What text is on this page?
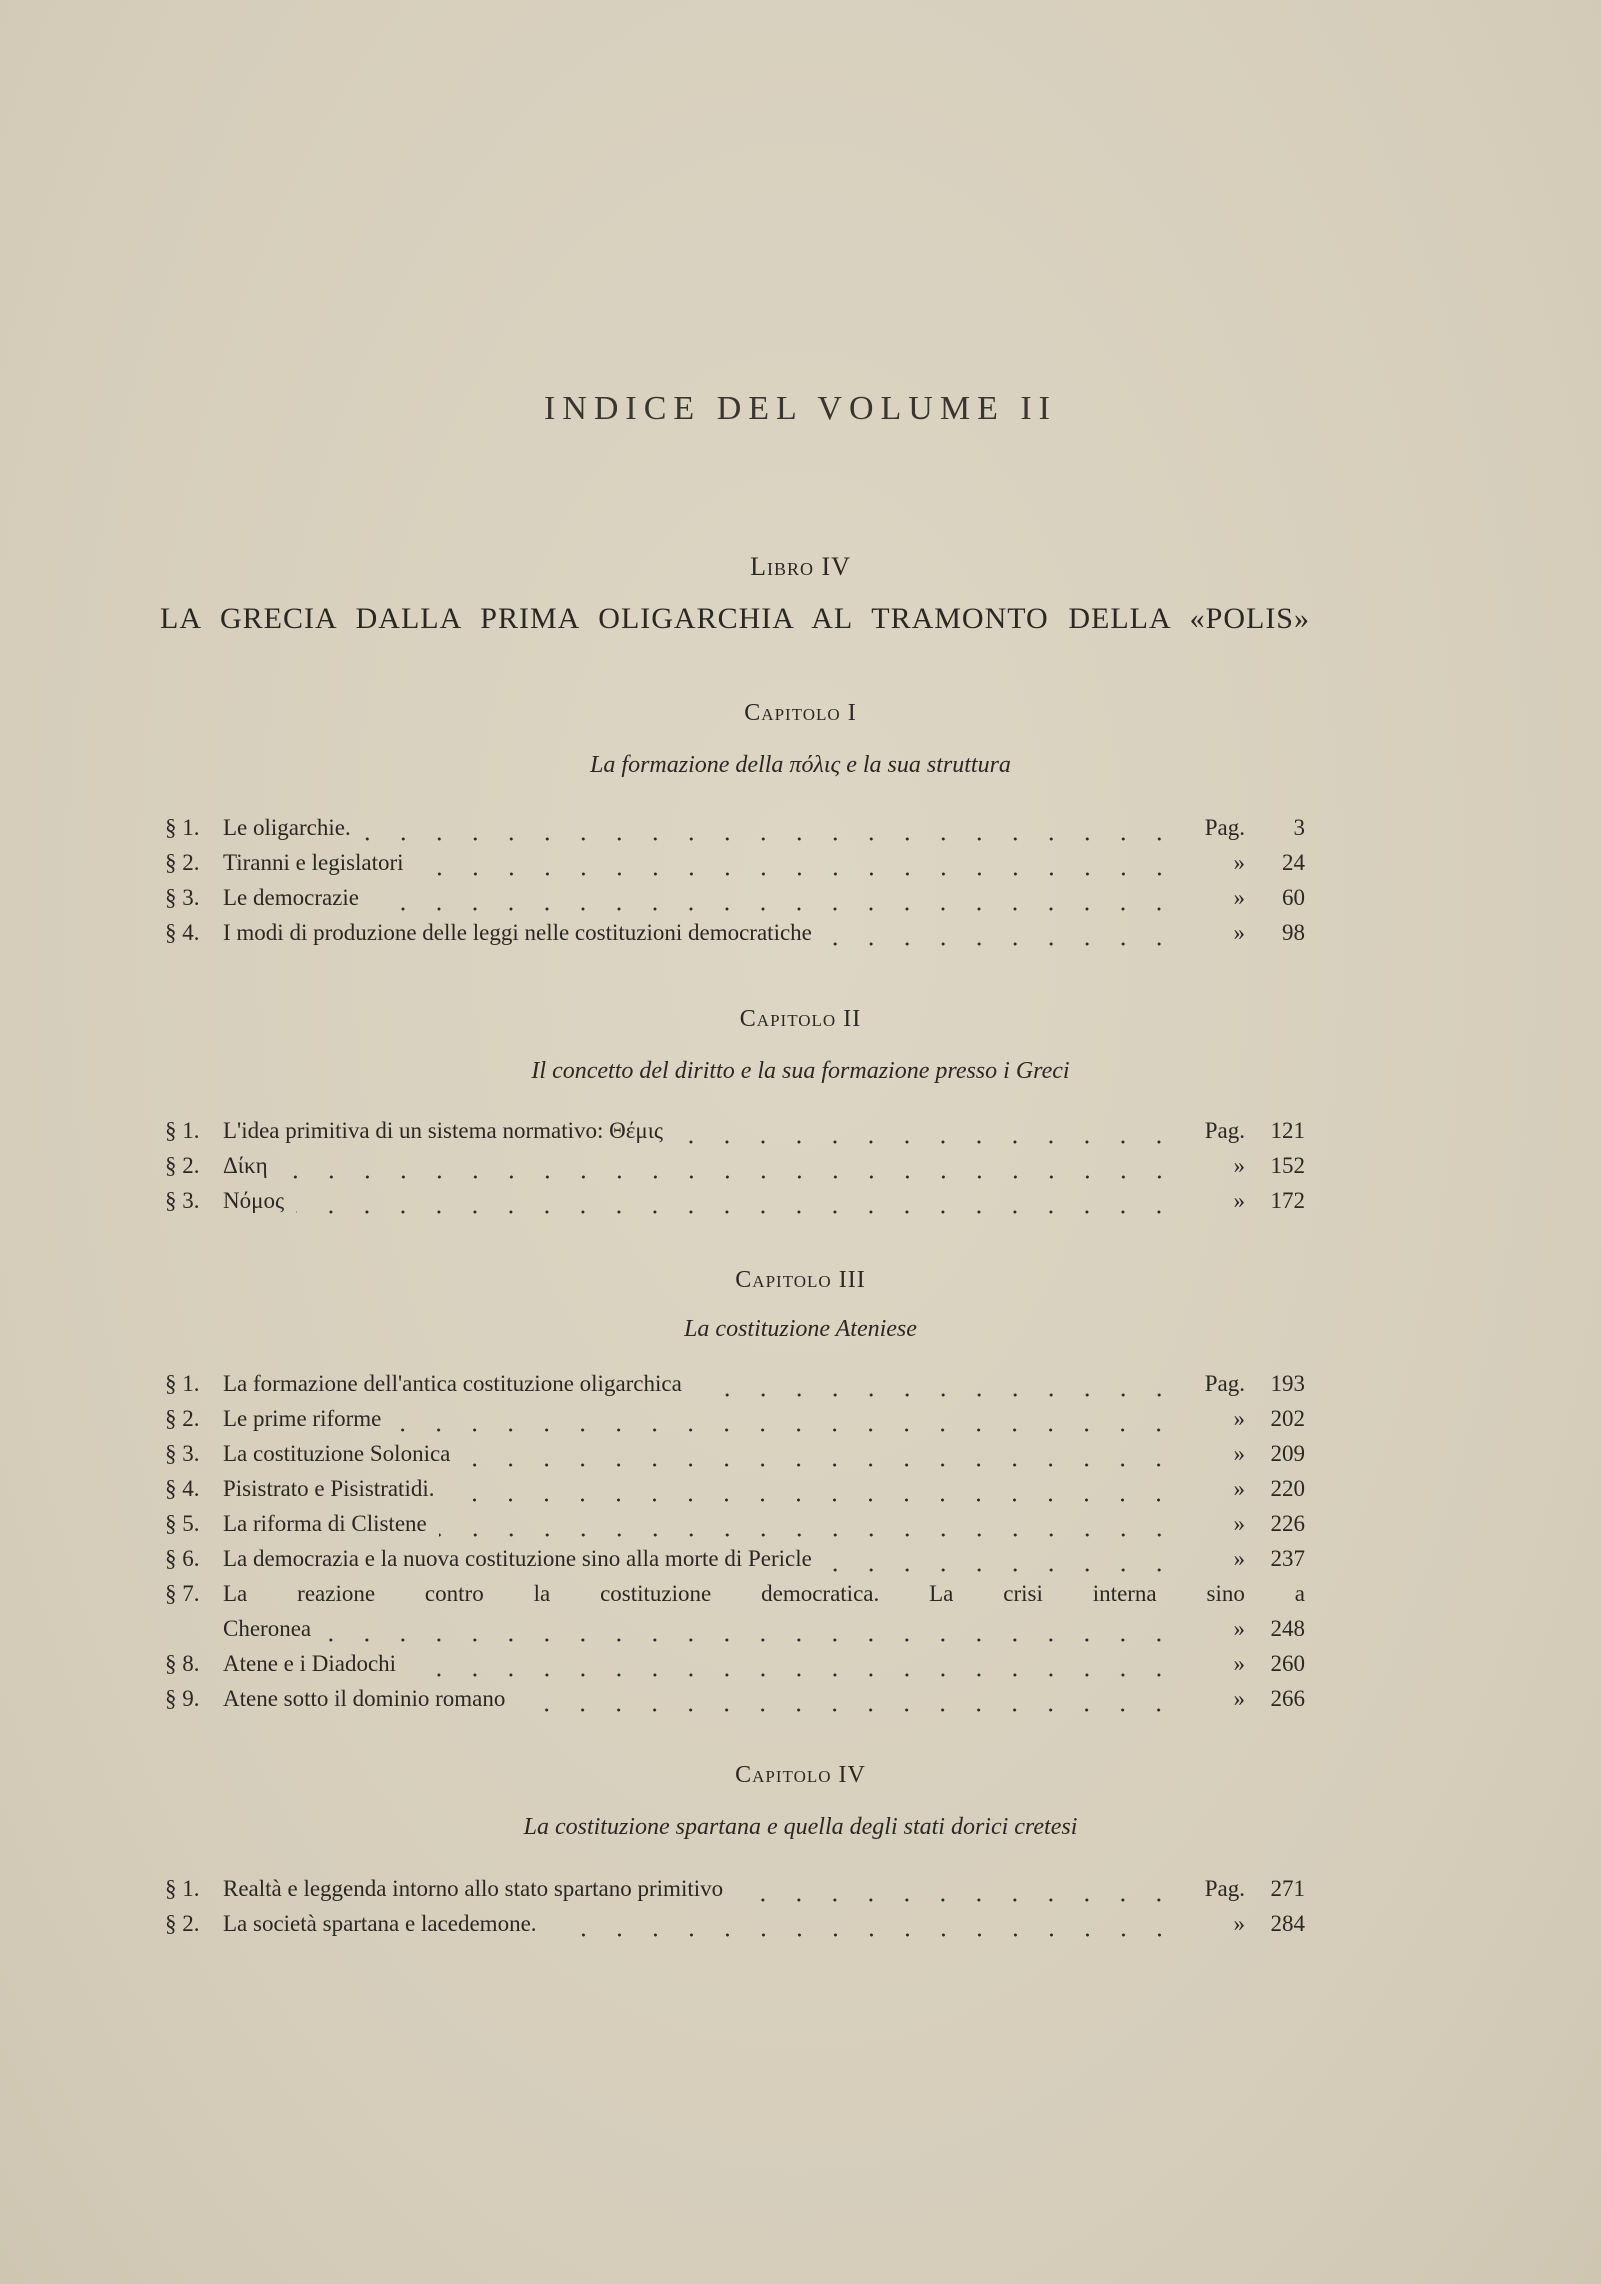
INDICE DEL VOLUME II
Libro IV
LA GRECIA DALLA PRIMA OLIGARCHIA AL TRAMONTO DELLA «POLIS»
Capitolo I
La formazione della πόλις e la sua struttura
§ 1.	Le oligarchie.	Pag.	3
§ 2.	Tiranni e legislatori	»	24
§ 3.	Le democrazie	»	60
§ 4.	I modi di produzione delle leggi nelle costituzioni democratiche	»	98
Capitolo II
Il concetto del diritto e la sua formazione presso i Greci
§ 1.	L'idea primitiva di un sistema normativo: Θέμις	Pag.	121
§ 2.	Δίκη	»	152
§ 3.	Νόμος	»	172
Capitolo III
La costituzione Ateniese
§ 1.	La formazione dell'antica costituzione oligarchica	Pag.	193
§ 2.	Le prime riforme	»	202
§ 3.	La costituzione Solonica	»	209
§ 4.	Pisistrato e Pisistratidi.	»	220
§ 5.	La riforma di Clistene	»	226
§ 6.	La democrazia e la nuova costituzione sino alla morte di Pericle	»	237
§ 7.	La reazione contro la costituzione democratica. La crisi interna sino a
Cheronea	»	248
§ 8.	Atene e i Diadochi	»	260
§ 9.	Atene sotto il dominio romano	»	266
Capitolo IV
La costituzione spartana e quella degli stati dorici cretesi
§ 1.	Realtà e leggenda intorno allo stato spartano primitivo	Pag.	271
§ 2.	La società spartana e lacedemone.	»	284
